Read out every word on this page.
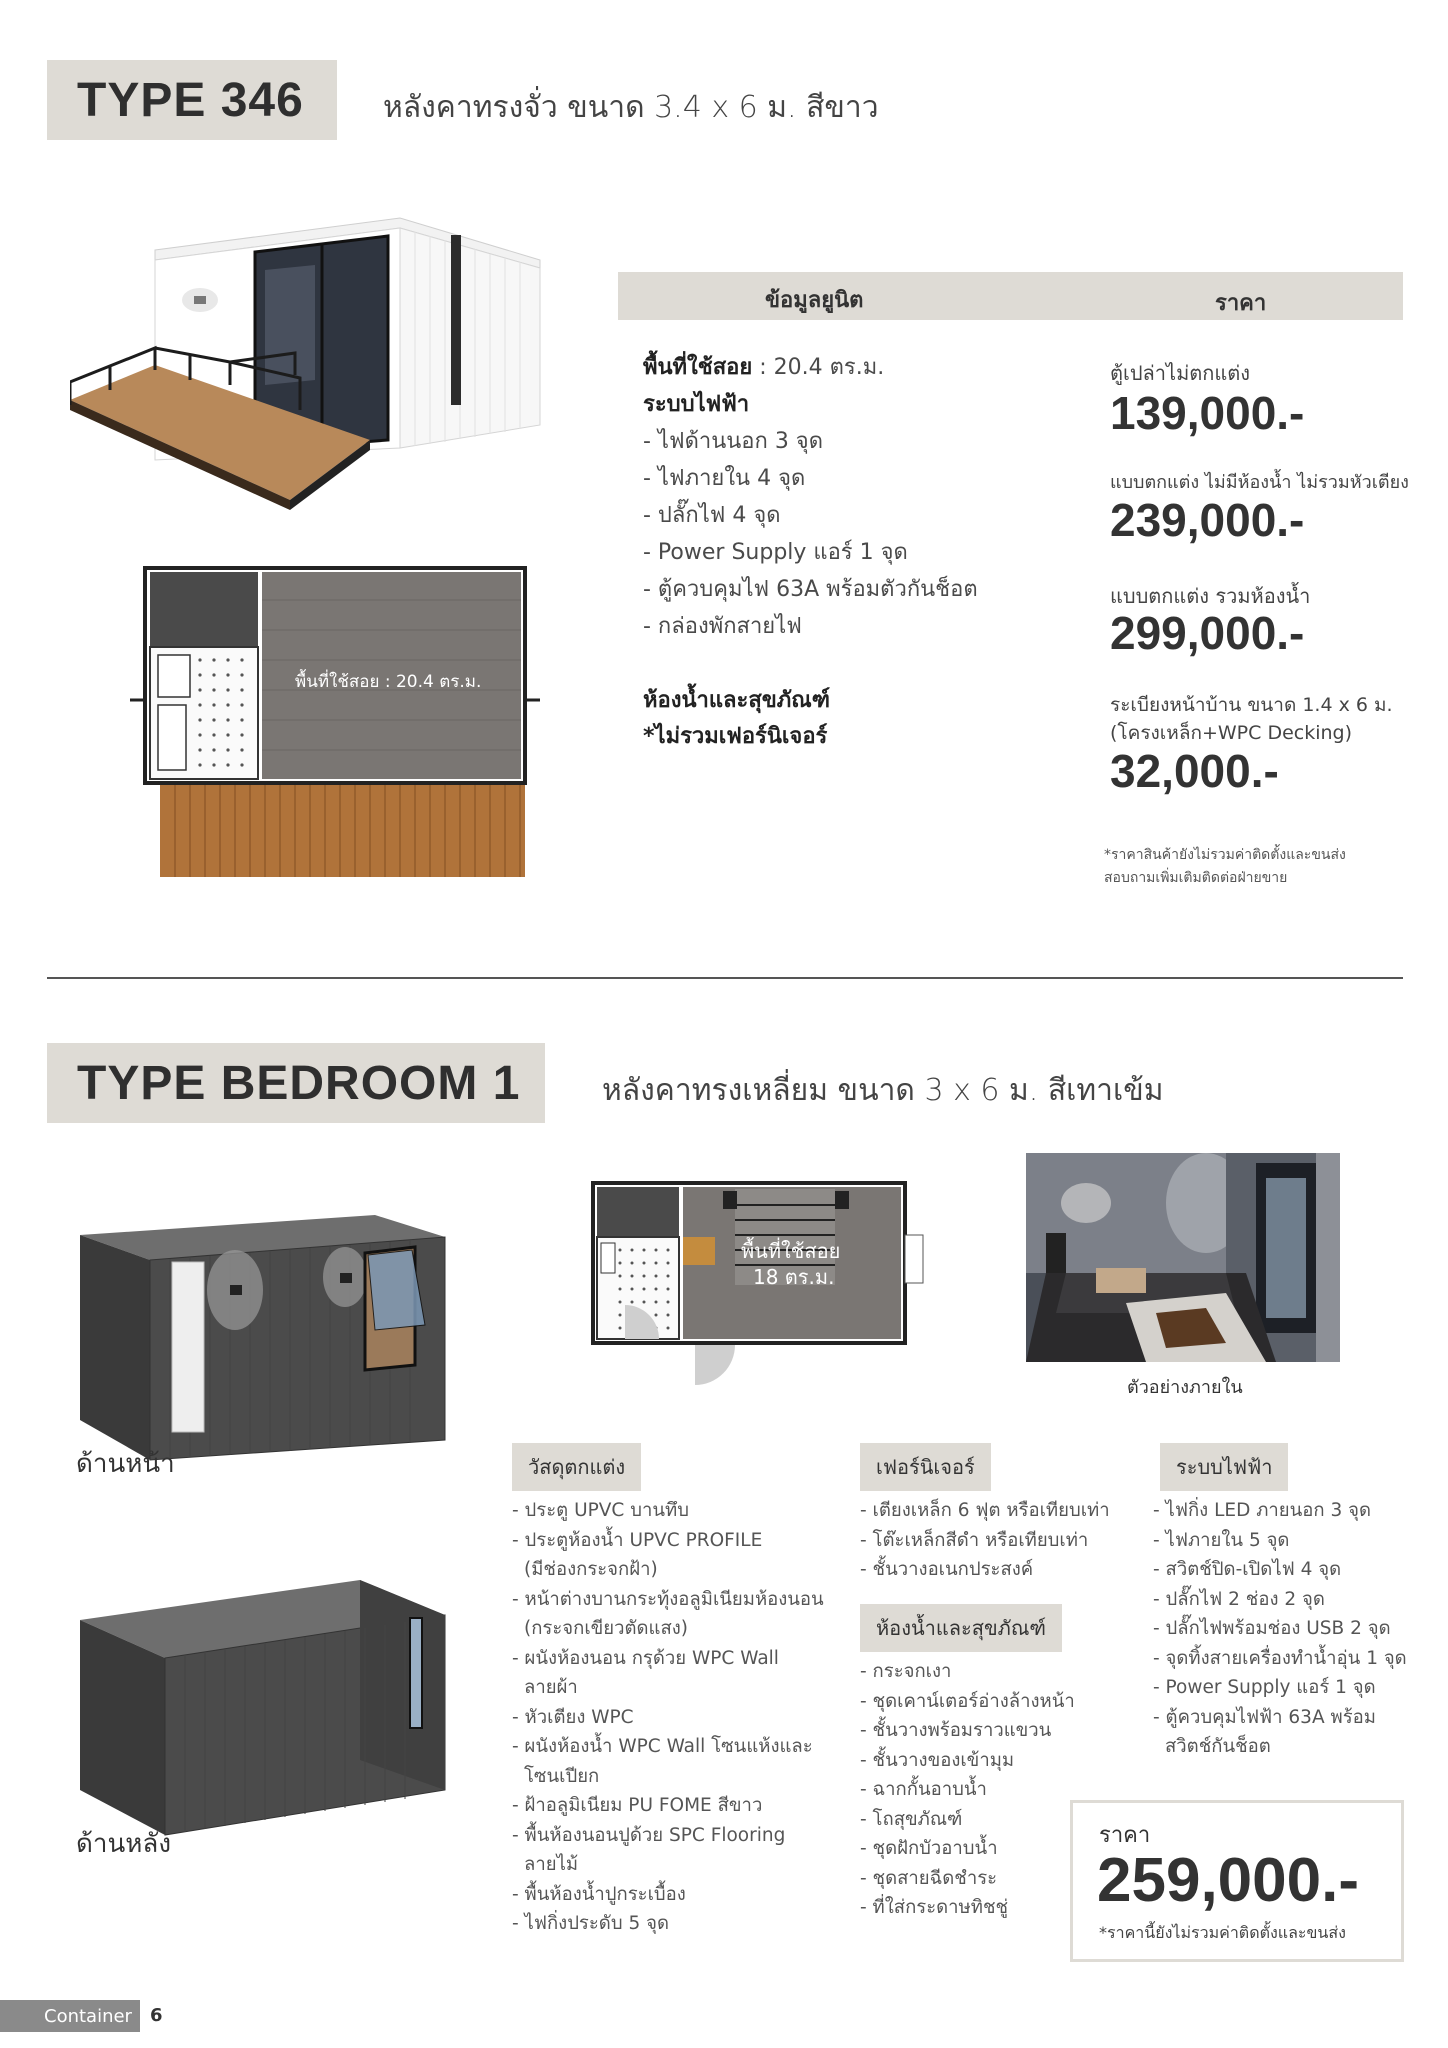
TYPE 346	หลังคาทรงจั่ว ขนาด 3.4 x 6 ม. สีขาว
พื้นที่ใช้สอย : 20.4 ตร.ม.
ข้อมูลยูนิต	ราคา
พื้นที่ใช้สอย : 20.4 ตร.ม.
ระบบไฟฟ้า
- ไฟด้านนอก 3 จุด
- ไฟภายใน 4 จุด
- ปลั๊กไฟ 4 จุด
- Power Supply แอร์ 1 จุด
- ตู้ควบคุมไฟ 63A พร้อมตัวกันช็อต
- กล่องพักสายไฟ
ห้องน้ำและสุขภัณฑ์
*ไม่รวมเฟอร์นิเจอร์
ตู้เปล่าไม่ตกแต่ง
139,000.-
แบบตกแต่ง ไม่มีห้องน้ำ ไม่รวมหัวเตียง
239,000.-
แบบตกแต่ง รวมห้องน้ำ
299,000.-
ระเบียงหน้าบ้าน ขนาด 1.4 x 6 ม.
(โครงเหล็ก+WPC Decking)
32,000.-
*ราคาสินค้ายังไม่รวมค่าติดตั้งและขนส่ง
สอบถามเพิ่มเติมติดต่อฝ่ายขาย
TYPE BEDROOM 1	หลังคาทรงเหลี่ยม ขนาด 3 x 6 ม. สีเทาเข้ม
ด้านหน้า
ด้านหลัง
พื้นที่ใช้สอย
18 ตร.ม.
ตัวอย่างภายใน
วัสดุตกแต่ง
- ประตู UPVC บานทึบ
- ประตูห้องน้ำ UPVC PROFILE
(มีช่องกระจกฝ้า)
- หน้าต่างบานกระทุ้งอลูมิเนียมห้องนอน
(กระจกเขียวตัดแสง)
- ผนังห้องนอน กรุด้วย WPC Wall
ลายผ้า
- หัวเตียง WPC
- ผนังห้องน้ำ WPC Wall โซนแห้งและ
โซนเปียก
- ฝ้าอลูมิเนียม PU FOME สีขาว
- พื้นห้องนอนปูด้วย SPC Flooring
ลายไม้
- พื้นห้องน้ำปูกระเบื้อง
- ไฟกิ่งประดับ 5 จุด
เฟอร์นิเจอร์
- เตียงเหล็ก 6 ฟุต หรือเทียบเท่า
- โต๊ะเหล็กสีดำ หรือเทียบเท่า
- ชั้นวางอเนกประสงค์
ห้องน้ำและสุขภัณฑ์
- กระจกเงา
- ชุดเคาน์เตอร์อ่างล้างหน้า
- ชั้นวางพร้อมราวแขวน
- ชั้นวางของเข้ามุม
- ฉากกั้นอาบน้ำ
- โถสุขภัณฑ์
- ชุดฝักบัวอาบน้ำ
- ชุดสายฉีดชำระ
- ที่ใส่กระดาษทิชชู่
ระบบไฟฟ้า
- ไฟกิ่ง LED ภายนอก 3 จุด
- ไฟภายใน 5 จุด
- สวิตช์ปิด-เปิดไฟ 4 จุด
- ปลั๊กไฟ 2 ช่อง 2 จุด
- ปลั๊กไฟพร้อมช่อง USB 2 จุด
- จุดทิ้งสายเครื่องทำน้ำอุ่น 1 จุด
- Power Supply แอร์ 1 จุด
- ตู้ควบคุมไฟฟ้า 63A พร้อม
สวิตช์กันช็อต
ราคา
259,000.-
*ราคานี้ยังไม่รวมค่าติดตั้งและขนส่ง
Container 6
